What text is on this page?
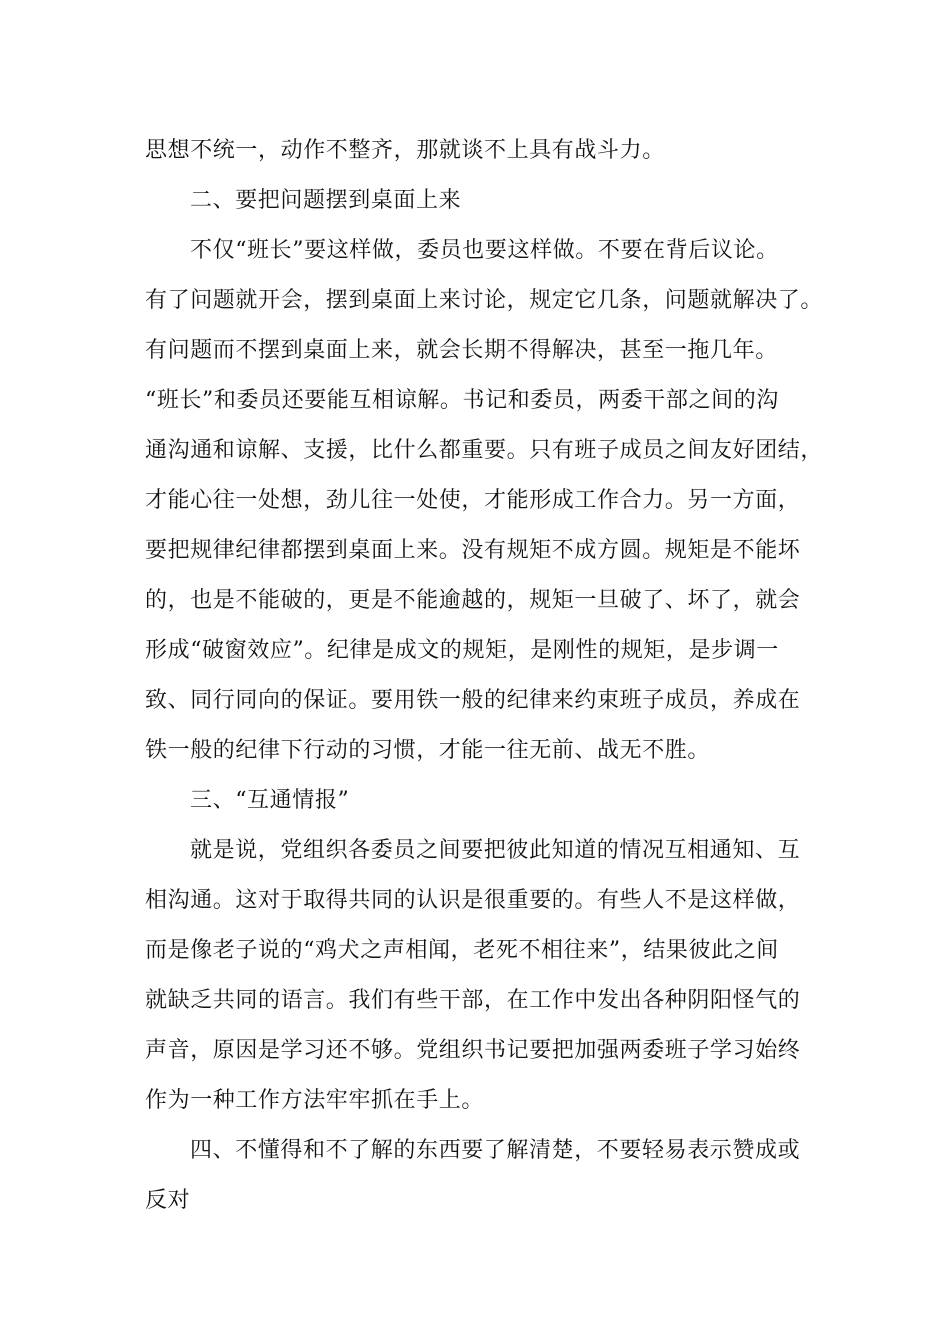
思想不统一，动作不整齐，那就谈不上具有战斗力。
二、要把问题摆到桌面上来
不仅“班长”要这样做，委员也要这样做。不要在背后议论。
有了问题就开会，摆到桌面上来讨论，规定它几条，问题就解决了。
有问题而不摆到桌面上来，就会长期不得解决，甚至一拖几年。
“班长”和委员还要能互相谅解。书记和委员，两委干部之间的沟
通沟通和谅解、支援，比什么都重要。只有班子成员之间友好团结，
才能心往一处想，劲儿往一处使，才能形成工作合力。另一方面，
要把规律纪律都摆到桌面上来。没有规矩不成方圆。规矩是不能坏
的，也是不能破的，更是不能逾越的，规矩一旦破了、坏了，就会
形成“破窗效应”。纪律是成文的规矩，是刚性的规矩，是步调一
致、同行同向的保证。要用铁一般的纪律来约束班子成员，养成在
铁一般的纪律下行动的习惯，才能一往无前、战无不胜。
三、“互通情报”
就是说，党组织各委员之间要把彼此知道的情况互相通知、互
相沟通。这对于取得共同的认识是很重要的。有些人不是这样做，
而是像老子说的“鸡犬之声相闻，老死不相往来”，结果彼此之间
就缺乏共同的语言。我们有些干部，在工作中发出各种阴阳怪气的
声音，原因是学习还不够。党组织书记要把加强两委班子学习始终
作为一种工作方法牢牢抓在手上。
四、不懂得和不了解的东西要了解清楚，不要轻易表示赞成或
反对
